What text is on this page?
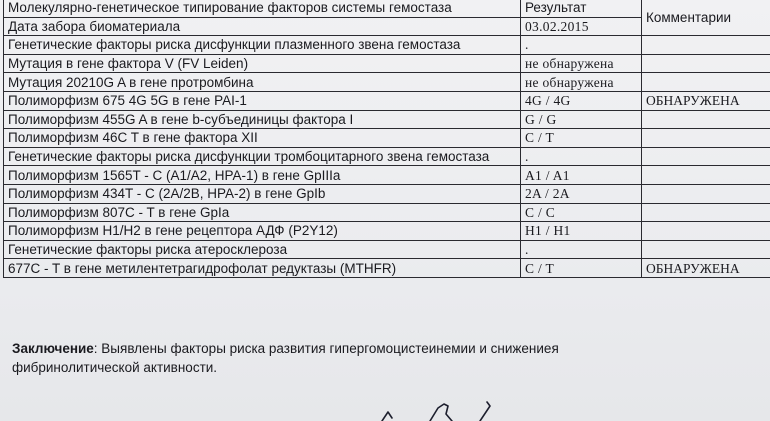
Молекулярно-генетическое типирование факторов системы гемостаза	Результат	Комментарии
Дата забора биоматериала	03.02.2015	
Генетические факторы риска дисфункции плазменного звена гемостаза	.	
Мутация в гене фактора V (FV Leiden)	не обнаружена	
Мутация 20210G A в гене протромбина	не обнаружена	
Полиморфизм 675 4G 5G в гене PAI-1	4G / 4G	ОБНАРУЖЕНА
Полиморфизм 455G A в гене b-субъединицы фактора I	G / G	
Полиморфизм 46C T в гене фактора XII	C / T	
Генетические факторы риска дисфункции тромбоцитарного звена гемостаза	.	
Полиморфизм 1565T - C (A1/A2, HPA-1) в гене GpIIIa	A1 / A1	
Полиморфизм 434T - C (2A/2B, HPA-2) в гене GpIb	2A / 2A	
Полиморфизм 807C - T в гене GpIa	C / C	
Полиморфизм H1/H2 в гене рецептора АДФ (P2Y12)	H1 / H1	
Генетические факторы риска атеросклероза	.	
677C - T в гене метилентетрагидрофолат редуктазы (MTHFR)	C / T	ОБНАРУЖЕНА
Заключение: Выявлены факторы риска развития гипергомоцистеинемии и снижениея
фибринолитической активности.
